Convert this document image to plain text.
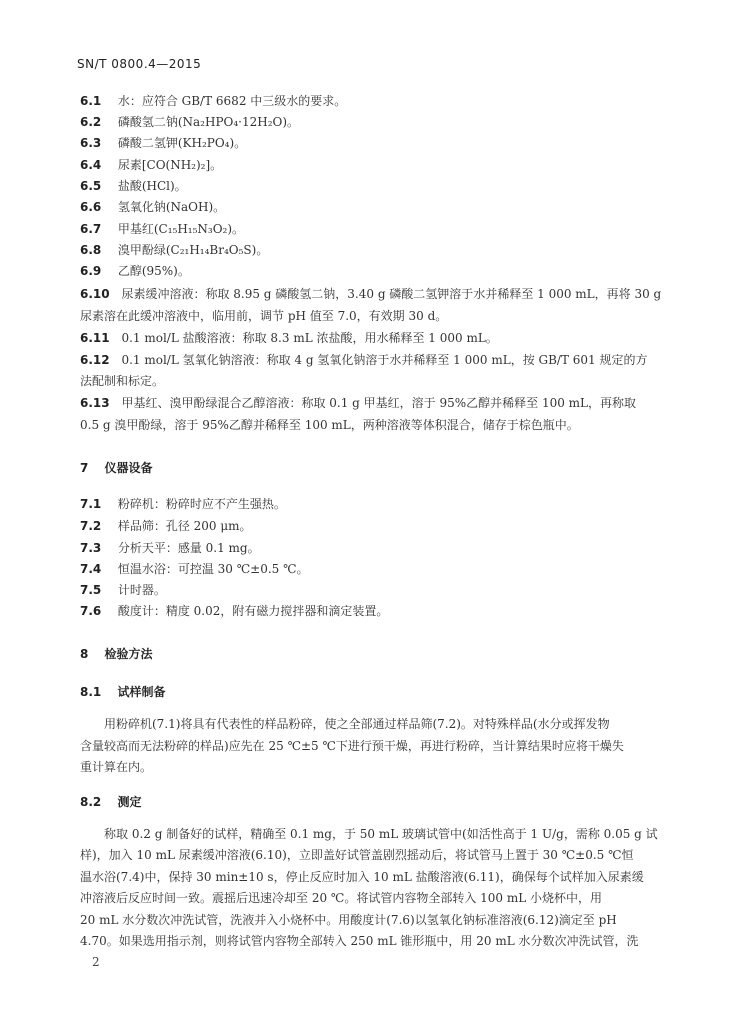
SN/T 0800.4—2015
6.1 水：应符合 GB/T 6682 中三级水的要求。
6.2 磷酸氢二钠(Na₂HPO₄·12H₂O)。
6.3 磷酸二氢钾(KH₂PO₄)。
6.4 尿素[CO(NH₂)₂]。
6.5 盐酸(HCl)。
6.6 氢氧化钠(NaOH)。
6.7 甲基红(C₁₅H₁₅N₃O₂)。
6.8 溴甲酚绿(C₂₁H₁₄Br₄O₅S)。
6.9 乙醇(95%)。
6.10 尿素缓冲溶液：称取 8.95 g 磷酸氢二钠，3.40 g 磷酸二氢钾溶于水并稀释至 1 000 mL，再将 30 g
尿素溶在此缓冲溶液中，临用前，调节 pH 值至 7.0，有效期 30 d。
6.11 0.1 mol/L 盐酸溶液：称取 8.3 mL 浓盐酸，用水稀释至 1 000 mL。
6.12 0.1 mol/L 氢氧化钠溶液：称取 4 g 氢氧化钠溶于水并稀释至 1 000 mL，按 GB/T 601 规定的方
法配制和标定。
6.13 甲基红、溴甲酚绿混合乙醇溶液：称取 0.1 g 甲基红，溶于 95%乙醇并稀释至 100 mL，再称取
0.5 g 溴甲酚绿，溶于 95%乙醇并稀释至 100 mL，两种溶液等体积混合，储存于棕色瓶中。
7 仪器设备
7.1 粉碎机：粉碎时应不产生强热。
7.2 样品筛：孔径 200 μm。
7.3 分析天平：感量 0.1 mg。
7.4 恒温水浴：可控温 30 ℃±0.5 ℃。
7.5 计时器。
7.6 酸度计：精度 0.02，附有磁力搅拌器和滴定装置。
8 检验方法
8.1 试样制备
用粉碎机(7.1)将具有代表性的样品粉碎，使之全部通过样品筛(7.2)。对特殊样品(水分或挥发物
含量较高而无法粉碎的样品)应先在 25 ℃±5 ℃下进行预干燥，再进行粉碎，当计算结果时应将干燥失
重计算在内。
8.2 测定
称取 0.2 g 制备好的试样，精确至 0.1 mg，于 50 mL 玻璃试管中(如活性高于 1 U/g，需称 0.05 g 试
样)，加入 10 mL 尿素缓冲溶液(6.10)，立即盖好试管盖剧烈摇动后，将试管马上置于 30 ℃±0.5 ℃恒
温水浴(7.4)中，保持 30 min±10 s，停止反应时加入 10 mL 盐酸溶液(6.11)，确保每个试样加入尿素缓
冲溶液后反应时间一致。震摇后迅速冷却至 20 ℃。将试管内容物全部转入 100 mL 小烧杯中，用
20 mL 水分数次冲洗试管，洗液并入小烧杯中。用酸度计(7.6)以氢氧化钠标准溶液(6.12)滴定至 pH
4.70。如果选用指示剂，则将试管内容物全部转入 250 mL 锥形瓶中，用 20 mL 水分数次冲洗试管，洗
2
